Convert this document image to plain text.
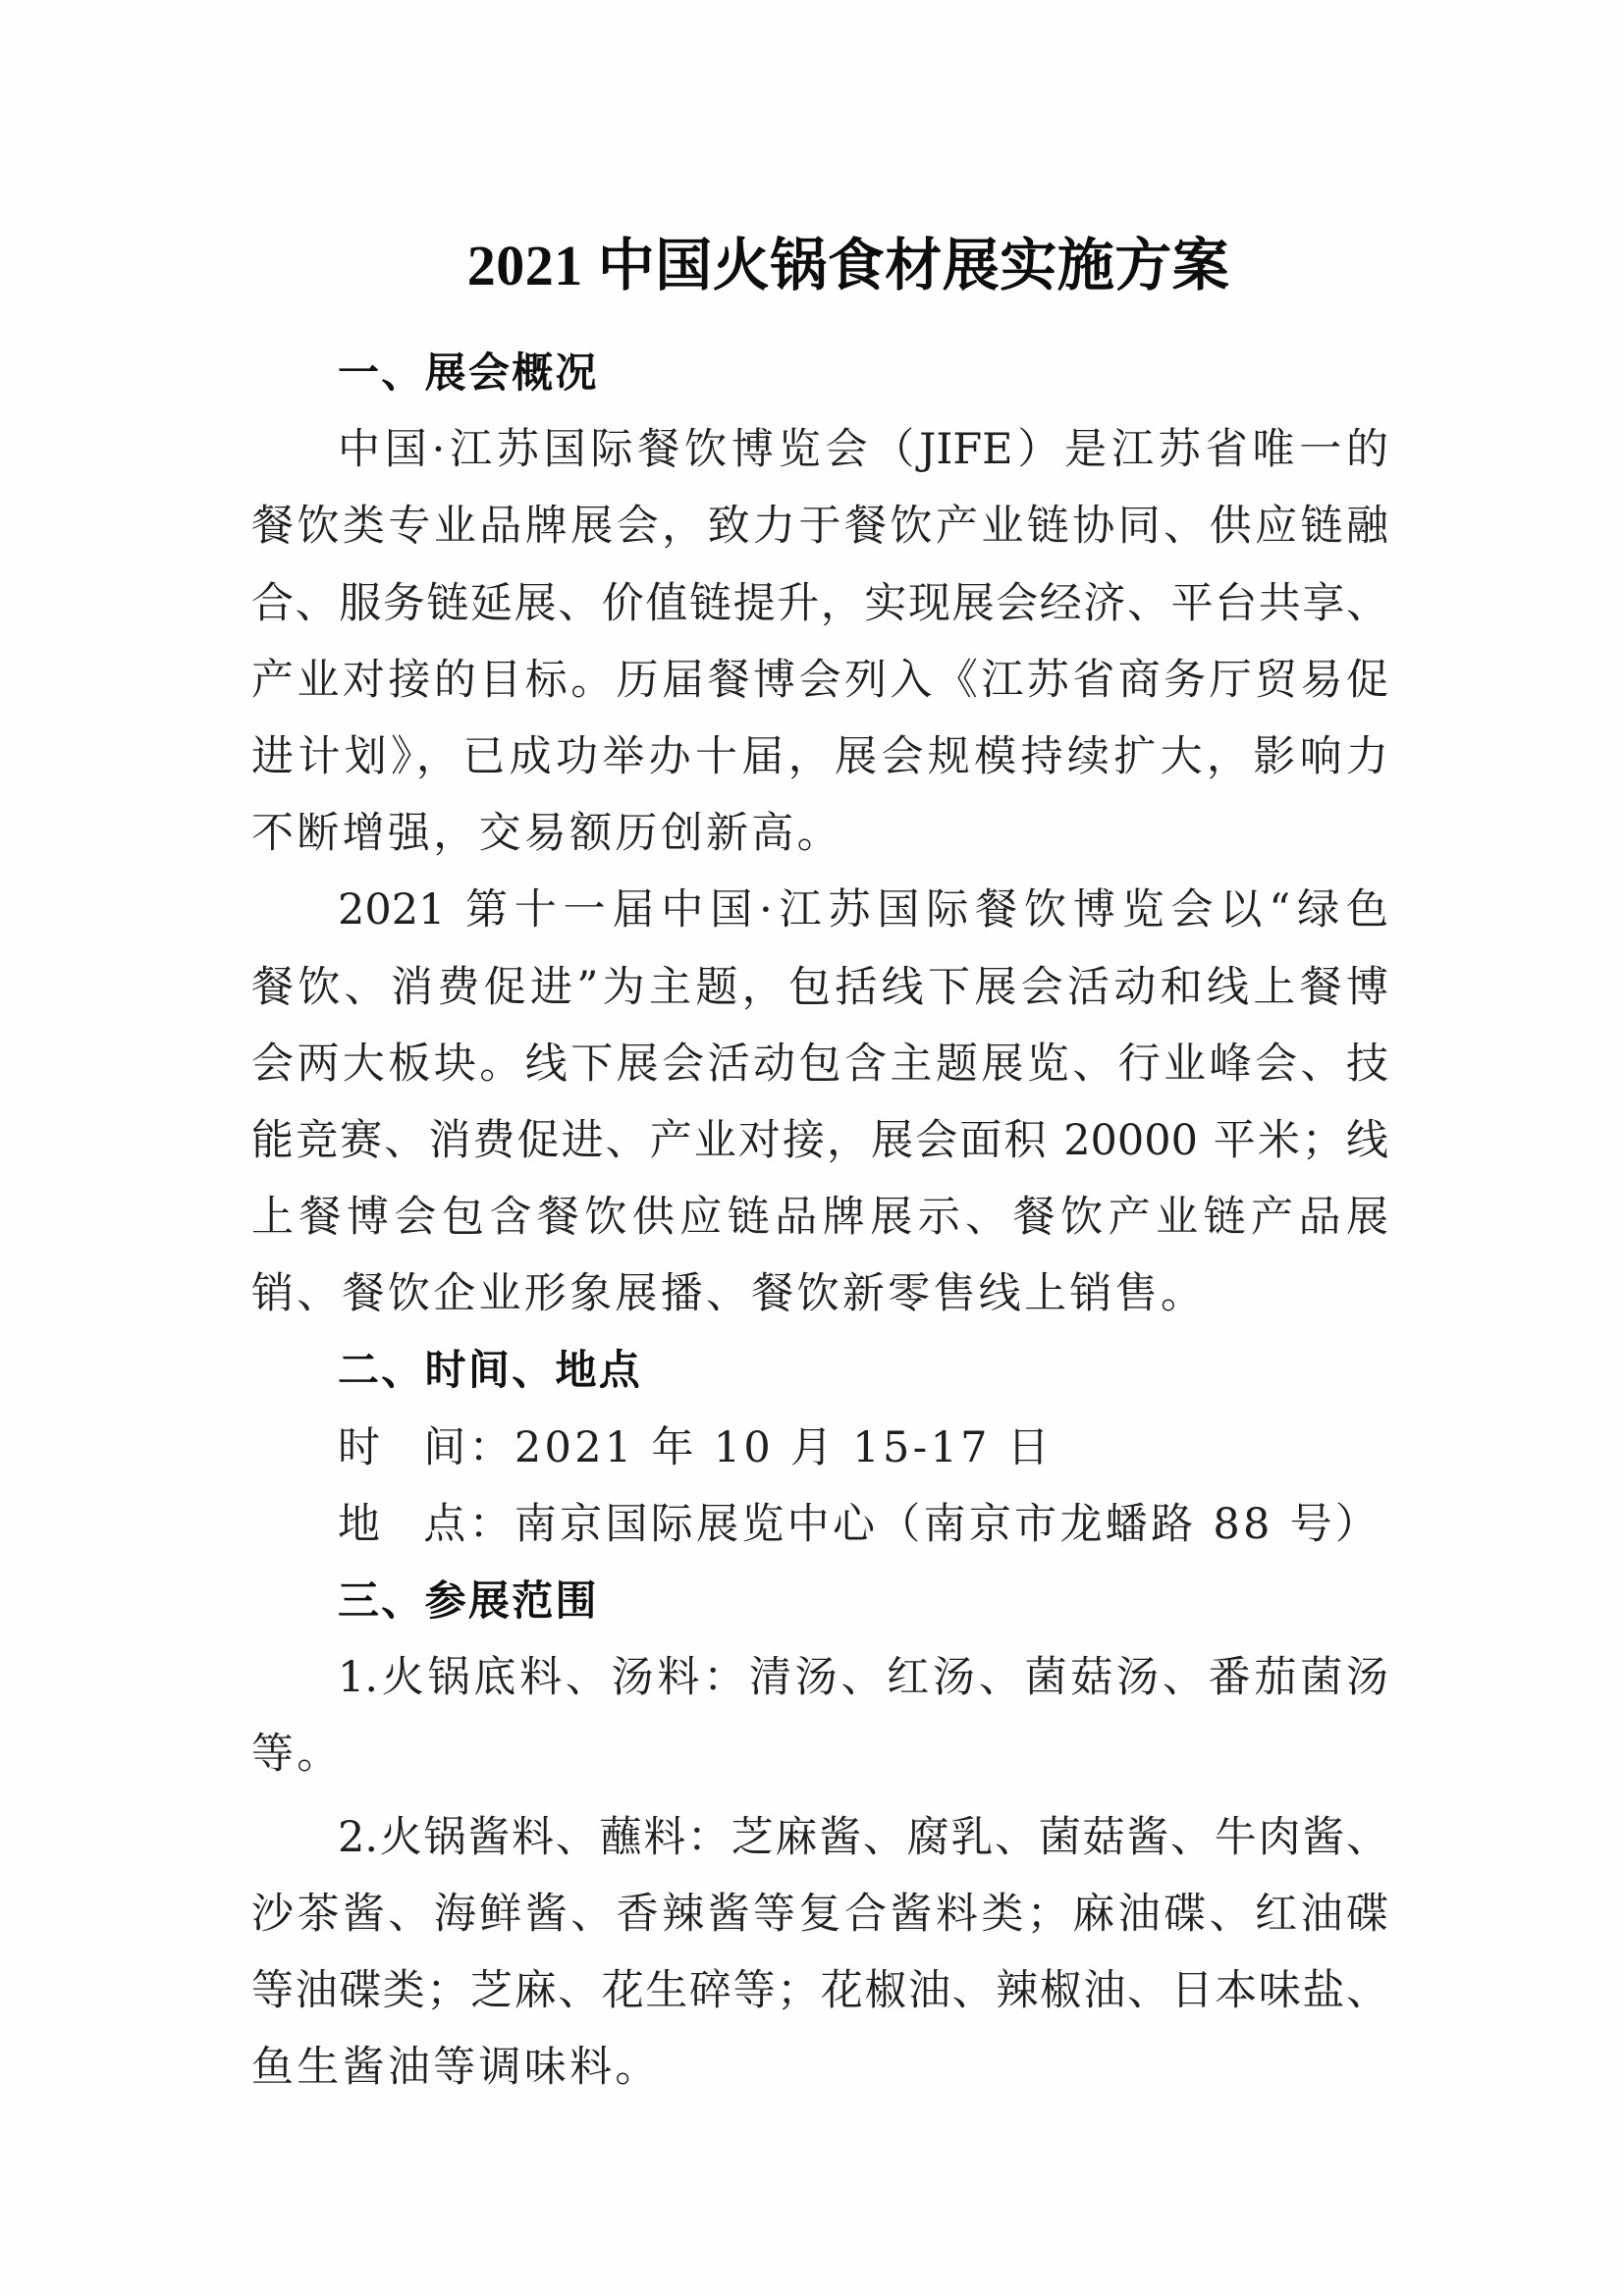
2021 中国火锅食材展实施方案
一、展会概况
中国·江苏国际餐饮博览会（JIFE）是江苏省唯一的
餐饮类专业品牌展会，致力于餐饮产业链协同、供应链融
合、服务链延展、价值链提升，实现展会经济、平台共享、
产业对接的目标。历届餐博会列入《江苏省商务厅贸易促
进计划》，已成功举办十届，展会规模持续扩大，影响力
不断增强，交易额历创新高。
2021 第十一届中国·江苏国际餐饮博览会以“绿色
餐饮、消费促进”为主题，包括线下展会活动和线上餐博
会两大板块。线下展会活动包含主题展览、行业峰会、技
能竞赛、消费促进、产业对接，展会面积 20000 平米；线
上餐博会包含餐饮供应链品牌展示、餐饮产业链产品展
销、餐饮企业形象展播、餐饮新零售线上销售。
二、时间、地点
时 间：2021 年 10 月 15-17 日
地 点：南京国际展览中心（南京市龙蟠路 88 号）
三、参展范围
1.火锅底料、汤料：清汤、红汤、菌菇汤、番茄菌汤
等。
2.火锅酱料、蘸料：芝麻酱、腐乳、菌菇酱、牛肉酱、
沙茶酱、海鲜酱、香辣酱等复合酱料类；麻油碟、红油碟
等油碟类；芝麻、花生碎等；花椒油、辣椒油、日本味盐、
鱼生酱油等调味料。
